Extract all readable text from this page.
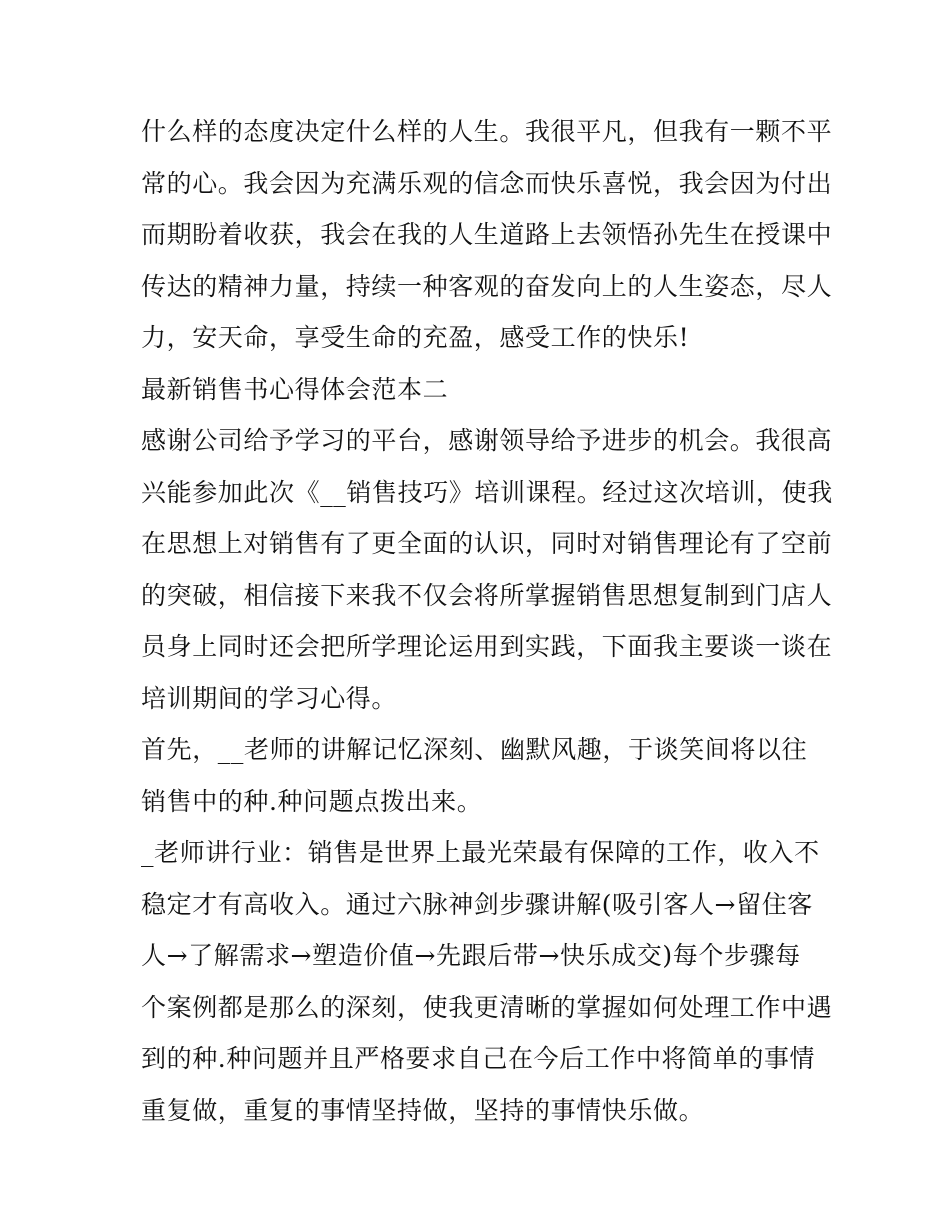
什么样的态度决定什么样的人生。我很平凡，但我有一颗不平
常的心。我会因为充满乐观的信念而快乐喜悦，我会因为付出
而期盼着收获，我会在我的人生道路上去领悟孙先生在授课中
传达的精神力量，持续一种客观的奋发向上的人生姿态，尽人
力，安天命，享受生命的充盈，感受工作的快乐!
最新销售书心得体会范本二
感谢公司给予学习的平台，感谢领导给予进步的机会。我很高
兴能参加此次《__销售技巧》培训课程。经过这次培训，使我
在思想上对销售有了更全面的认识，同时对销售理论有了空前
的突破，相信接下来我不仅会将所掌握销售思想复制到门店人
员身上同时还会把所学理论运用到实践，下面我主要谈一谈在
培训期间的学习心得。
首先，__老师的讲解记忆深刻、幽默风趣，于谈笑间将以往
销售中的种.种问题点拨出来。
_老师讲行业：销售是世界上最光荣最有保障的工作，收入不
稳定才有高收入。通过六脉神剑步骤讲解(吸引客人→留住客
人→了解需求→塑造价值→先跟后带→快乐成交)每个步骤每
个案例都是那么的深刻，使我更清晰的掌握如何处理工作中遇
到的种.种问题并且严格要求自己在今后工作中将简单的事情
重复做，重复的事情坚持做，坚持的事情快乐做。
